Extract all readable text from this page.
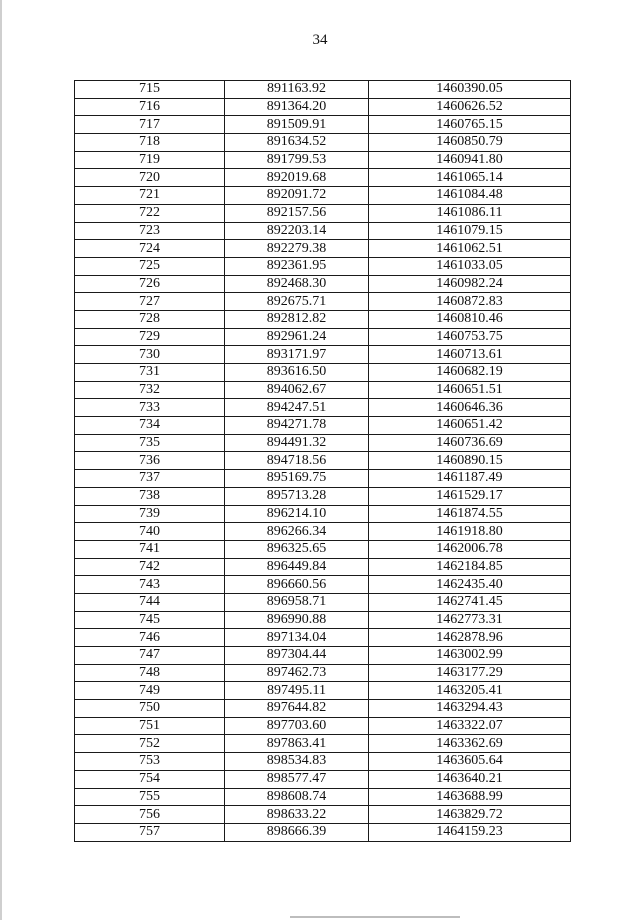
34
715	891163.92	1460390.05
716	891364.20	1460626.52
717	891509.91	1460765.15
718	891634.52	1460850.79
719	891799.53	1460941.80
720	892019.68	1461065.14
721	892091.72	1461084.48
722	892157.56	1461086.11
723	892203.14	1461079.15
724	892279.38	1461062.51
725	892361.95	1461033.05
726	892468.30	1460982.24
727	892675.71	1460872.83
728	892812.82	1460810.46
729	892961.24	1460753.75
730	893171.97	1460713.61
731	893616.50	1460682.19
732	894062.67	1460651.51
733	894247.51	1460646.36
734	894271.78	1460651.42
735	894491.32	1460736.69
736	894718.56	1460890.15
737	895169.75	1461187.49
738	895713.28	1461529.17
739	896214.10	1461874.55
740	896266.34	1461918.80
741	896325.65	1462006.78
742	896449.84	1462184.85
743	896660.56	1462435.40
744	896958.71	1462741.45
745	896990.88	1462773.31
746	897134.04	1462878.96
747	897304.44	1463002.99
748	897462.73	1463177.29
749	897495.11	1463205.41
750	897644.82	1463294.43
751	897703.60	1463322.07
752	897863.41	1463362.69
753	898534.83	1463605.64
754	898577.47	1463640.21
755	898608.74	1463688.99
756	898633.22	1463829.72
757	898666.39	1464159.23
